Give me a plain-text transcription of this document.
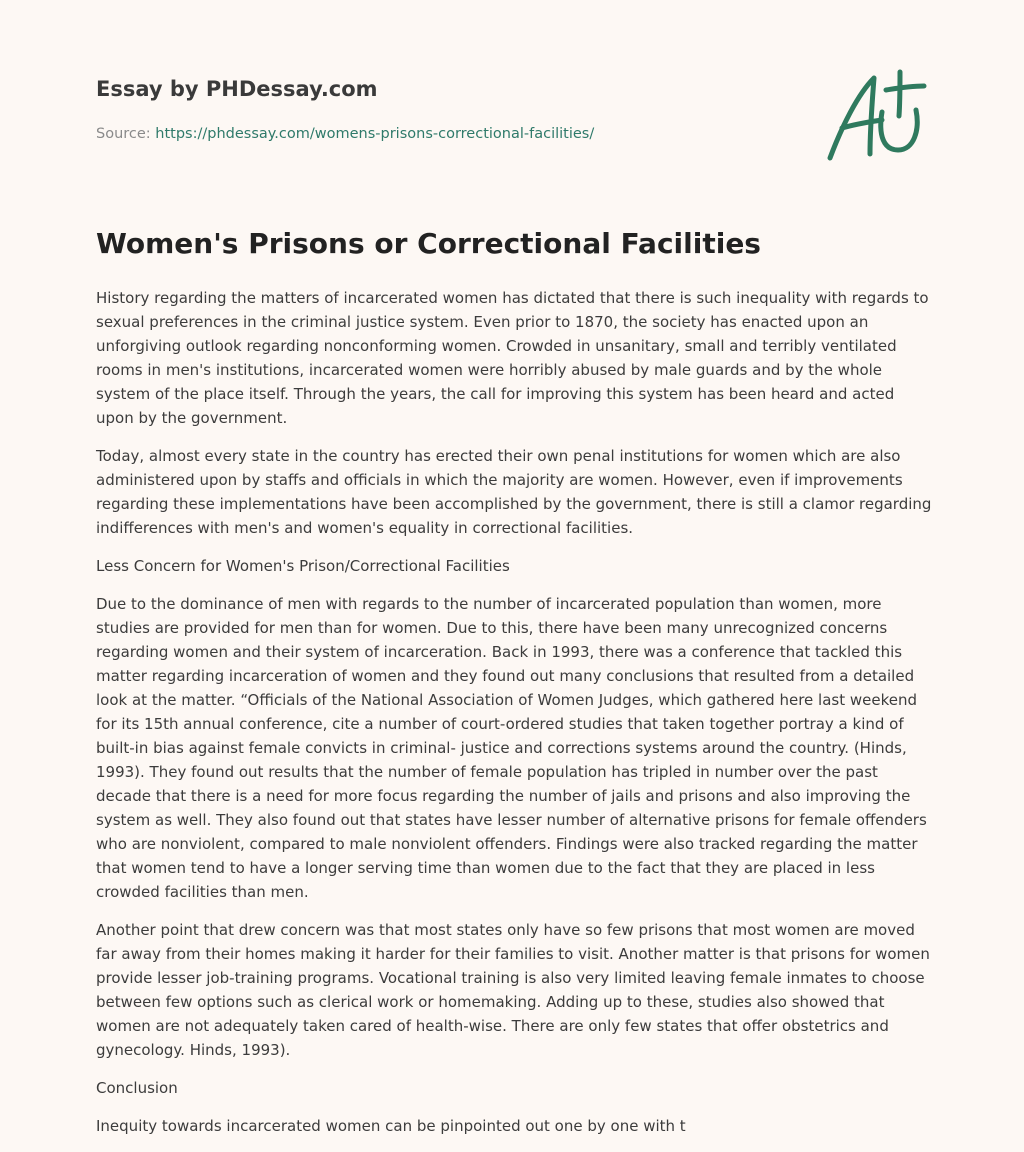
Essay by PHDessay.com
Source: https://phdessay.com/womens-prisons-correctional-facilities/
Women's Prisons or Correctional Facilities

History regarding the matters of incarcerated women has dictated that there is such inequality with regards to sexual preferences in the criminal justice system. Even prior to 1870, the society has enacted upon an unforgiving outlook regarding nonconforming women. Crowded in unsanitary, small and terribly ventilated rooms in men's institutions, incarcerated women were horribly abused by male guards and by the whole system of the place itself. Through the years, the call for improving this system has been heard and acted upon by the government.

Today, almost every state in the country has erected their own penal institutions for women which are also administered upon by staffs and officials in which the majority are women. However, even if improvements regarding these implementations have been accomplished by the government, there is still a clamor regarding indifferences with men's and women's equality in correctional facilities.

Less Concern for Women's Prison/Correctional Facilities

Due to the dominance of men with regards to the number of incarcerated population than women, more studies are provided for men than for women. Due to this, there have been many unrecognized concerns regarding women and their system of incarceration. Back in 1993, there was a conference that tackled this matter regarding incarceration of women and they found out many conclusions that resulted from a detailed look at the matter. “Officials of the National Association of Women Judges, which gathered here last weekend for its 15th annual conference, cite a number of court-ordered studies that taken together portray a kind of built-in bias against female convicts in criminal- justice and corrections systems around the country. (Hinds, 1993). They found out results that the number of female population has tripled in number over the past decade that there is a need for more focus regarding the number of jails and prisons and also improving the system as well. They also found out that states have lesser number of alternative prisons for female offenders who are nonviolent, compared to male nonviolent offenders. Findings were also tracked regarding the matter that women tend to have a longer serving time than women due to the fact that they are placed in less crowded facilities than men.

Another point that drew concern was that most states only have so few prisons that most women are moved far away from their homes making it harder for their families to visit. Another matter is that prisons for women provide lesser job-training programs. Vocational training is also very limited leaving female inmates to choose between few options such as clerical work or homemaking. Adding up to these, studies also showed that women are not adequately taken cared of health-wise. There are only few states that offer obstetrics and gynecology. Hinds, 1993).

Conclusion

Inequity towards incarcerated women can be pinpointed out one by one with t
